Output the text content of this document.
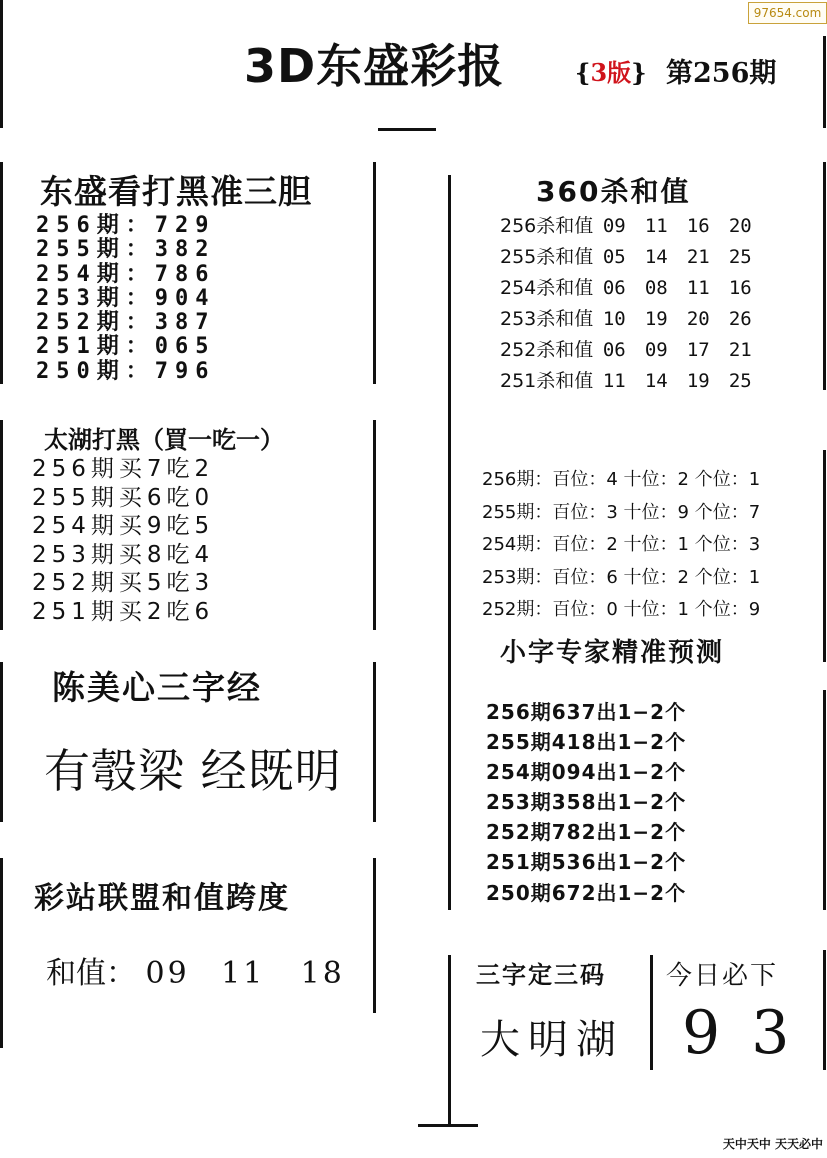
97654.com
3D东盛彩报	{3版} 第256期
东盛看打黑准三胆
256期：729
255期：382
254期：786
253期：904
252期：387
251期：065
250期：796
太湖打黑（買一吃一）
256期买7吃2
255期买6吃0
254期买9吃5
253期买8吃4
252期买5吃3
251期买2吃6
陈美心三字经
有彀梁 经既明
彩站联盟和值跨度
和值： 09 11 18
360杀和值
256杀和值 09 11 16 20
255杀和值 05 14 21 25
254杀和值 06 08 11 16
253杀和值 10 19 20 26
252杀和值 06 09 17 21
251杀和值 11 14 19 25
256期：百位：4 十位：2 个位：1
255期：百位：3 十位：9 个位：7
254期：百位：2 十位：1 个位：3
253期：百位：6 十位：2 个位：1
252期：百位：0 十位：1 个位：9
小字专家精准预测
256期637出1−2个
255期418出1−2个
254期094出1−2个
253期358出1−2个
252期782出1−2个
251期536出1−2个
250期672出1−2个
三字定三码
大明湖
今日必下
9 3
天中天中 天天必中
